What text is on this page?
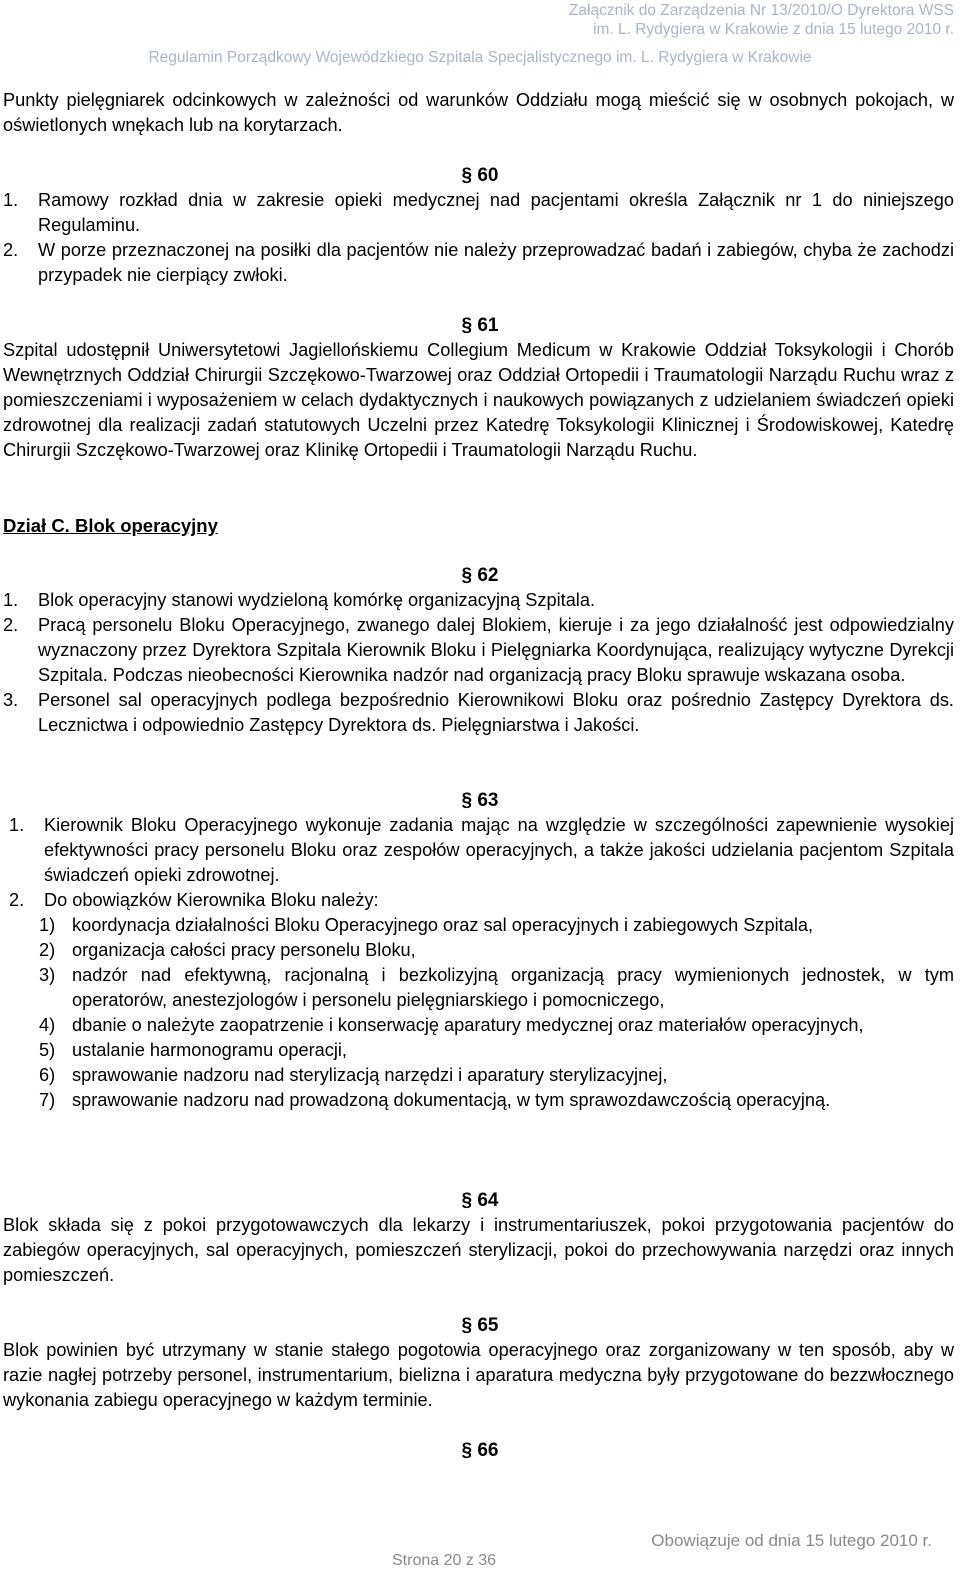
Załącznik do Zarządzenia Nr 13/2010/O Dyrektora WSS
im. L. Rydygiera w Krakowie z dnia 15 lutego 2010 r.
Regulamin Porządkowy Wojewódzkiego Szpitala Specjalistycznego im. L. Rydygiera w Krakowie

Punkty pielęgniarek odcinkowych w zależności od warunków Oddziału mogą mieścić się w osobnych pokojach, w oświetlonych wnękach lub na korytarzach.

§ 60
1. Ramowy rozkład dnia w zakresie opieki medycznej nad pacjentami określa Załącznik nr 1 do niniejszego Regulaminu.
2. W porze przeznaczonej na posiłki dla pacjentów nie należy przeprowadzać badań i zabiegów, chyba że zachodzi przypadek nie cierpiący zwłoki.
§ 61

Szpital udostępnił Uniwersytetowi Jagiellońskiemu Collegium Medicum w Krakowie Oddział Toksykologii i Chorób Wewnętrznych Oddział Chirurgii Szczękowo-Twarzowej oraz Oddział Ortopedii i Traumatologii Narządu Ruchu wraz z pomieszczeniami i wyposażeniem w celach dydaktycznych i naukowych powiązanych z udzielaniem świadczeń opieki zdrowotnej dla realizacji zadań statutowych Uczelni przez Katedrę Toksykologii Klinicznej i Środowiskowej, Katedrę Chirurgii Szczękowo-Twarzowej oraz Klinikę Ortopedii i Traumatologii Narządu Ruchu.

Dział C. Blok operacyjny
§ 62
1. Blok operacyjny stanowi wydzieloną komórkę organizacyjną Szpitala.
2. Pracą personelu Bloku Operacyjnego, zwanego dalej Blokiem, kieruje i za jego działalność jest odpowiedzialny wyznaczony przez Dyrektora Szpitala Kierownik Bloku i Pielęgniarka Koordynująca, realizujący wytyczne Dyrekcji Szpitala. Podczas nieobecności Kierownika nadzór nad organizacją pracy Bloku sprawuje wskazana osoba.
3. Personel sal operacyjnych podlega bezpośrednio Kierownikowi Bloku oraz pośrednio Zastępcy Dyrektora ds. Lecznictwa i odpowiednio Zastępcy Dyrektora ds. Pielęgniarstwa i Jakości.
§ 63
1. Kierownik Bloku Operacyjnego wykonuje zadania mając na względzie w szczególności zapewnienie wysokiej efektywności pracy personelu Bloku oraz zespołów operacyjnych, a także jakości udzielania pacjentom Szpitala świadczeń opieki zdrowotnej.
2. Do obowiązków Kierownika Bloku należy:
1) koordynacja działalności Bloku Operacyjnego oraz sal operacyjnych i zabiegowych Szpitala,
2) organizacja całości pracy personelu Bloku,
3) nadzór nad efektywną, racjonalną i bezkolizyjną organizacją pracy wymienionych jednostek, w tym operatorów, anestezjologów i personelu pielęgniarskiego i pomocniczego,
4) dbanie o należyte zaopatrzenie i konserwację aparatury medycznej oraz materiałów operacyjnych,
5) ustalanie harmonogramu operacji,
6) sprawowanie nadzoru nad sterylizacją narzędzi i aparatury sterylizacyjnej,
7) sprawowanie nadzoru nad prowadzoną dokumentacją, w tym sprawozdawczością operacyjną.
§ 64

Blok składa się z pokoi przygotowawczych dla lekarzy i instrumentariuszek, pokoi przygotowania pacjentów do zabiegów operacyjnych, sal operacyjnych, pomieszczeń sterylizacji, pokoi do przechowywania narzędzi oraz innych pomieszczeń.

§ 65

Blok powinien być utrzymany w stanie stałego pogotowia operacyjnego oraz zorganizowany w ten sposób, aby w razie nagłej potrzeby personel, instrumentarium, bielizna i aparatura medyczna były przygotowane do bezzwłocznego wykonania zabiegu operacyjnego w każdym terminie.

§ 66
Obowiązuje od dnia 15 lutego 2010 r.
Strona 20 z 36
